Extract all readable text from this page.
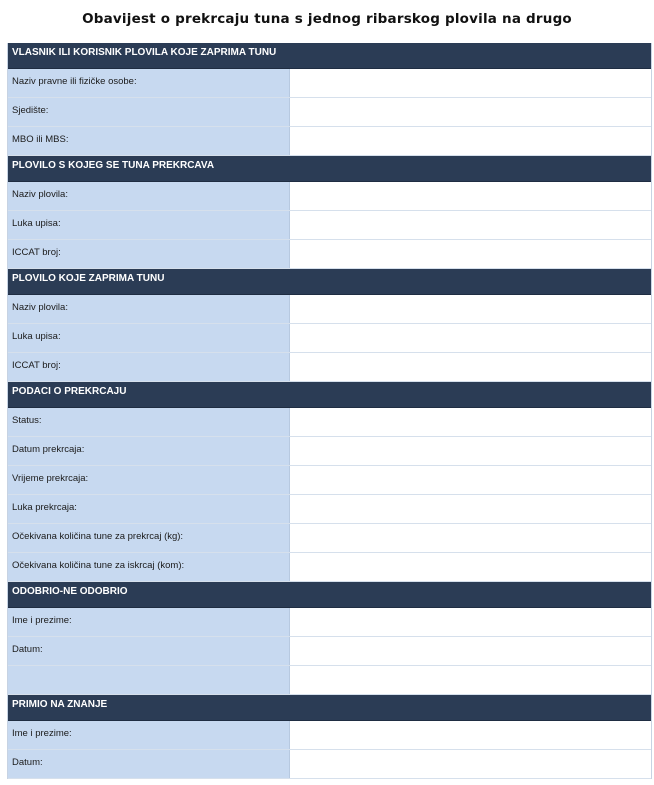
Obavijest o prekrcaju tuna s jednog ribarskog plovila na drugo
VLASNIK ILI KORISNIK PLOVILA KOJE ZAPRIMA TUNU
Naziv pravne ili fizičke osobe:
Sjedište:
MBO ili MBS:
PLOVILO S KOJEG SE TUNA PREKRCAVA
Naziv plovila:
Luka upisa:
ICCAT broj:
PLOVILO KOJE ZAPRIMA TUNU
Naziv plovila:
Luka upisa:
ICCAT broj:
PODACI O PREKRCAJU
Status:
Datum prekrcaja:
Vrijeme prekrcaja:
Luka prekrcaja:
Očekivana količina tune za prekrcaj (kg):
Očekivana količina tune za iskrcaj (kom):
ODOBRIO-NE ODOBRIO
Ime i prezime:
Datum:
PRIMIO NA ZNANJE
Ime i prezime:
Datum:
